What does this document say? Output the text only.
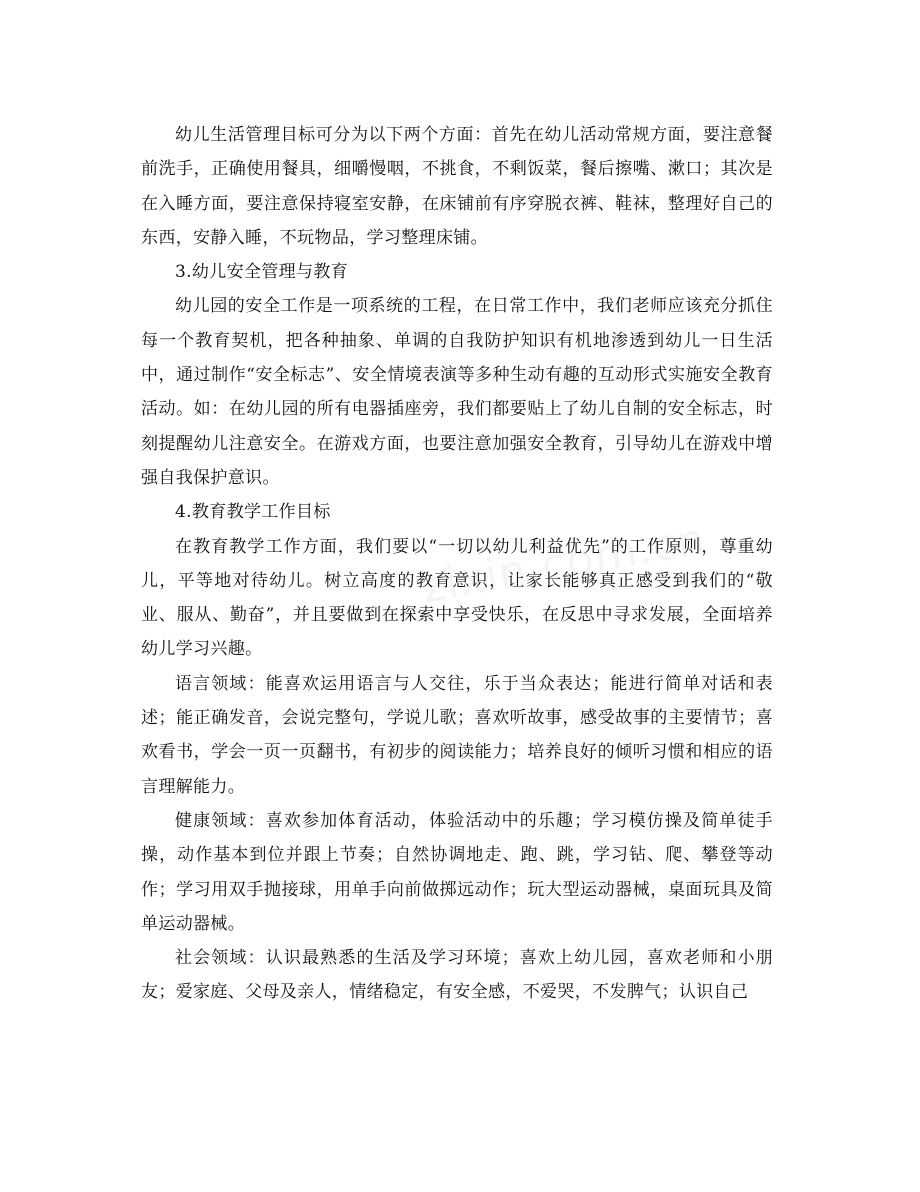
幼儿生活管理目标可分为以下两个方面：首先在幼儿活动常规方面，要注意餐前洗手，正确使用餐具，细嚼慢咽，不挑食，不剩饭菜，餐后擦嘴、漱口；其次是在入睡方面，要注意保持寝室安静，在床铺前有序穿脱衣裤、鞋袜，整理好自己的东西，安静入睡，不玩物品，学习整理床铺。

3.幼儿安全管理与教育

幼儿园的安全工作是一项系统的工程，在日常工作中，我们老师应该充分抓住每一个教育契机，把各种抽象、单调的自我防护知识有机地渗透到幼儿一日生活中，通过制作“安全标志”、安全情境表演等多种生动有趣的互动形式实施安全教育活动。如：在幼儿园的所有电器插座旁，我们都要贴上了幼儿自制的安全标志，时刻提醒幼儿注意安全。在游戏方面，也要注意加强安全教育，引导幼儿在游戏中增强自我保护意识。

4.教育教学工作目标

在教育教学工作方面，我们要以“一切以幼儿利益优先”的工作原则，尊重幼儿，平等地对待幼儿。树立高度的教育意识，让家长能够真正感受到我们的“敬业、服从、勤奋”，并且要做到在探索中享受快乐，在反思中寻求发展，全面培养幼儿学习兴趣。

语言领域：能喜欢运用语言与人交往，乐于当众表达；能进行简单对话和表述；能正确发音，会说完整句，学说儿歌；喜欢听故事，感受故事的主要情节；喜欢看书，学会一页一页翻书，有初步的阅读能力；培养良好的倾听习惯和相应的语言理解能力。

健康领域：喜欢参加体育活动，体验活动中的乐趣；学习模仿操及简单徒手操，动作基本到位并跟上节奏；自然协调地走、跑、跳，学习钻、爬、攀登等动作；学习用双手抛接球，用单手向前做掷远动作；玩大型运动器械，桌面玩具及简单运动器械。

社会领域：认识最熟悉的生活及学习环境；喜欢上幼儿园，喜欢老师和小朋友；爱家庭、父母及亲人，情绪稳定，有安全感，不爱哭，不发脾气；认识自己
